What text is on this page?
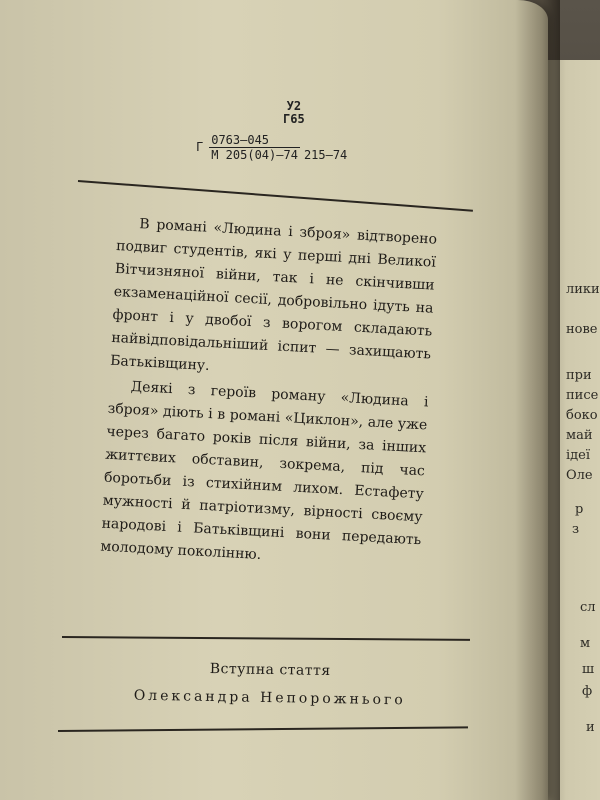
лики
нове
при
писе
боко
май
ідеї
Оле
р
з
сл
м
ш
ф
и
У2
Г65
Г $\frac{0763—045}{М 205(04)—74}$ 215—74

В романі «Людина і зброя» відтворено подвиг студентів, які у перші дні Великої Вітчизняної війни, так і не скінчивши екзаменаційної сесії, добровільно ідуть на фронт і у двобої з ворогом складають найвідповідальніший іспит — захищають Батьківщину.

Деякі з героїв роману «Людина і зброя» діють і в романі «Циклон», але уже через багато років після війни, за інших життєвих обставин, зокрема, під час боротьби із стихійним лихом. Естафету мужності й патріотизму, вірності своєму народові і Батьківщині вони передають молодому поколінню.

Вступна стаття
Олександра Непорожнього
